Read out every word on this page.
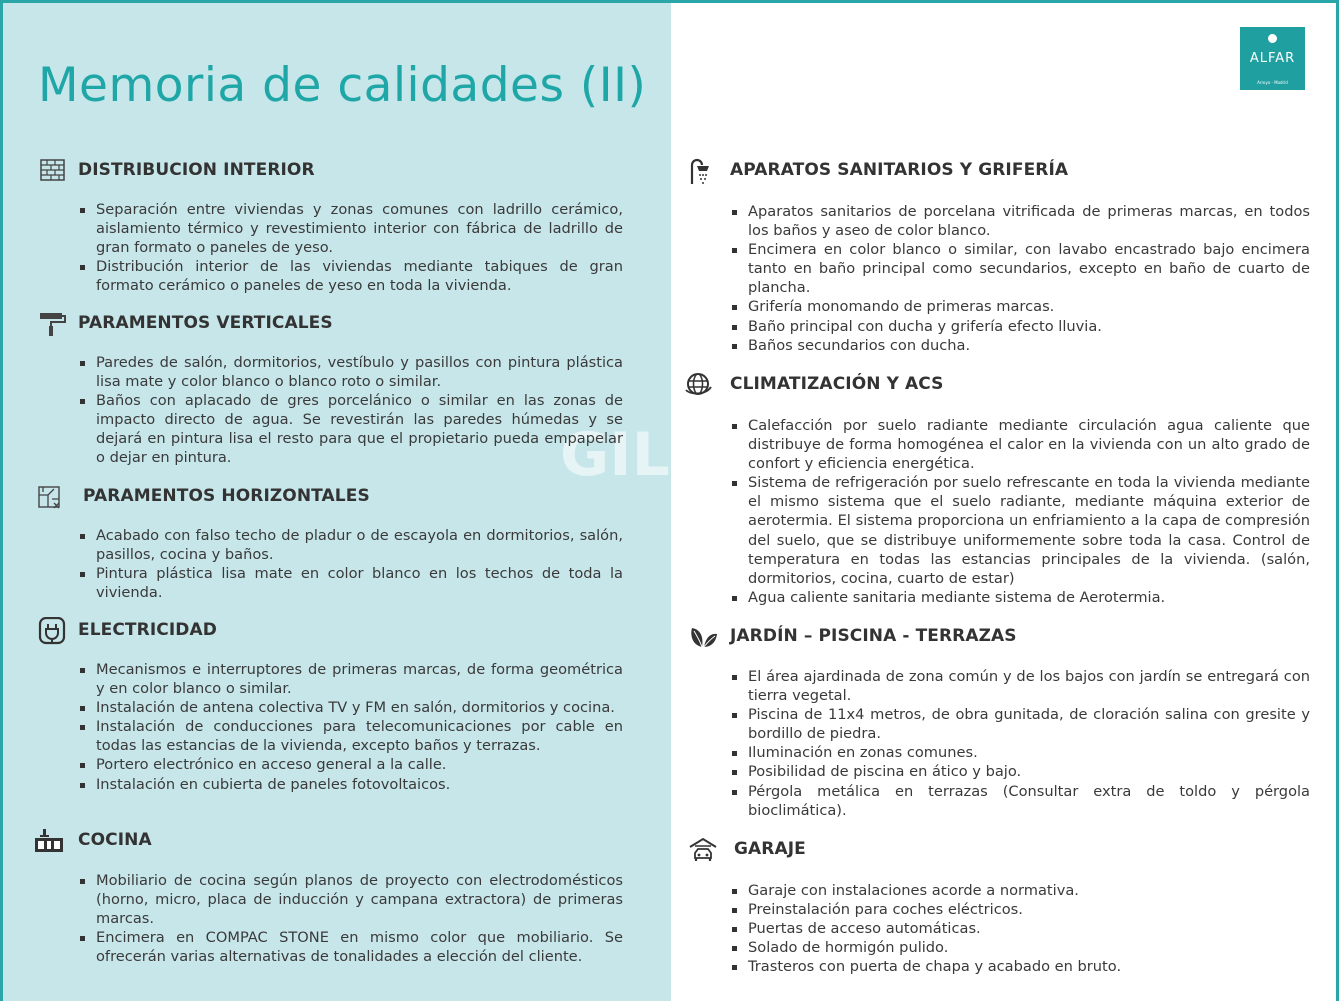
GILM
Memoria de calidades (II)	ALFAR
Arroyo · Madrid
DISTRIBUCION INTERIOR
Separación entre viviendas y zonas comunes con ladrillo cerámico, aislamiento térmico y revestimiento interior con fábrica de ladrillo de gran formato o paneles de yeso.
Distribución interior de las viviendas mediante tabiques de gran formato cerámico o paneles de yeso en toda la vivienda.
PARAMENTOS VERTICALES
Paredes de salón, dormitorios, vestíbulo y pasillos con pintura plástica lisa mate y color blanco o blanco roto o similar.
Baños con aplacado de gres porcelánico o similar en las zonas de impacto directo de agua. Se revestirán las paredes húmedas y se dejará en pintura lisa el resto para que el propietario pueda empapelar o dejar en pintura.
PARAMENTOS HORIZONTALES
Acabado con falso techo de pladur o de escayola en dormitorios, salón, pasillos, cocina y baños.
Pintura plástica lisa mate en color blanco en los techos de toda la vivienda.
ELECTRICIDAD
Mecanismos e interruptores de primeras marcas, de forma geométrica y en color blanco o similar.
Instalación de antena colectiva TV y FM en salón, dormitorios y cocina.
Instalación de conducciones para telecomunicaciones por cable en todas las estancias de la vivienda, excepto baños y terrazas.
Portero electrónico en acceso general a la calle.
Instalación en cubierta de paneles fotovoltaicos.
COCINA
Mobiliario de cocina según planos de proyecto con electrodomésticos (horno, micro, placa de inducción y campana extractora) de primeras marcas.
Encimera en COMPAC STONE en mismo color que mobiliario. Se ofrecerán varias alternativas de tonalidades a elección del cliente.
APARATOS SANITARIOS Y GRIFERÍA
Aparatos sanitarios de porcelana vitrificada de primeras marcas, en todos los baños y aseo de color blanco.
Encimera en color blanco o similar, con lavabo encastrado bajo encimera tanto en baño principal como secundarios, excepto en baño de cuarto de plancha.
Grifería monomando de primeras marcas.
Baño principal con ducha y grifería efecto lluvia.
Baños secundarios con ducha.
CLIMATIZACIÓN Y ACS
Calefacción por suelo radiante mediante circulación agua caliente que distribuye de forma homogénea el calor en la vivienda con un alto grado de confort y eficiencia energética.
Sistema de refrigeración por suelo refrescante en toda la vivienda mediante el mismo sistema que el suelo radiante, mediante máquina exterior de aerotermia. El sistema proporciona un enfriamiento a la capa de compresión del suelo, que se distribuye uniformemente sobre toda la casa. Control de temperatura en todas las estancias principales de la vivienda. (salón, dormitorios, cocina, cuarto de estar)
Agua caliente sanitaria mediante sistema de Aerotermia.
JARDÍN – PISCINA - TERRAZAS
El área ajardinada de zona común y de los bajos con jardín se entregará con tierra vegetal.
Piscina de 11x4 metros, de obra gunitada, de cloración salina con gresite y bordillo de piedra.
Iluminación en zonas comunes.
Posibilidad de piscina en ático y bajo.
Pérgola metálica en terrazas (Consultar extra de toldo y pérgola bioclimática).
GARAJE
Garaje con instalaciones acorde a normativa.
Preinstalación para coches eléctricos.
Puertas de acceso automáticas.
Solado de hormigón pulido.
Trasteros con puerta de chapa y acabado en bruto.
